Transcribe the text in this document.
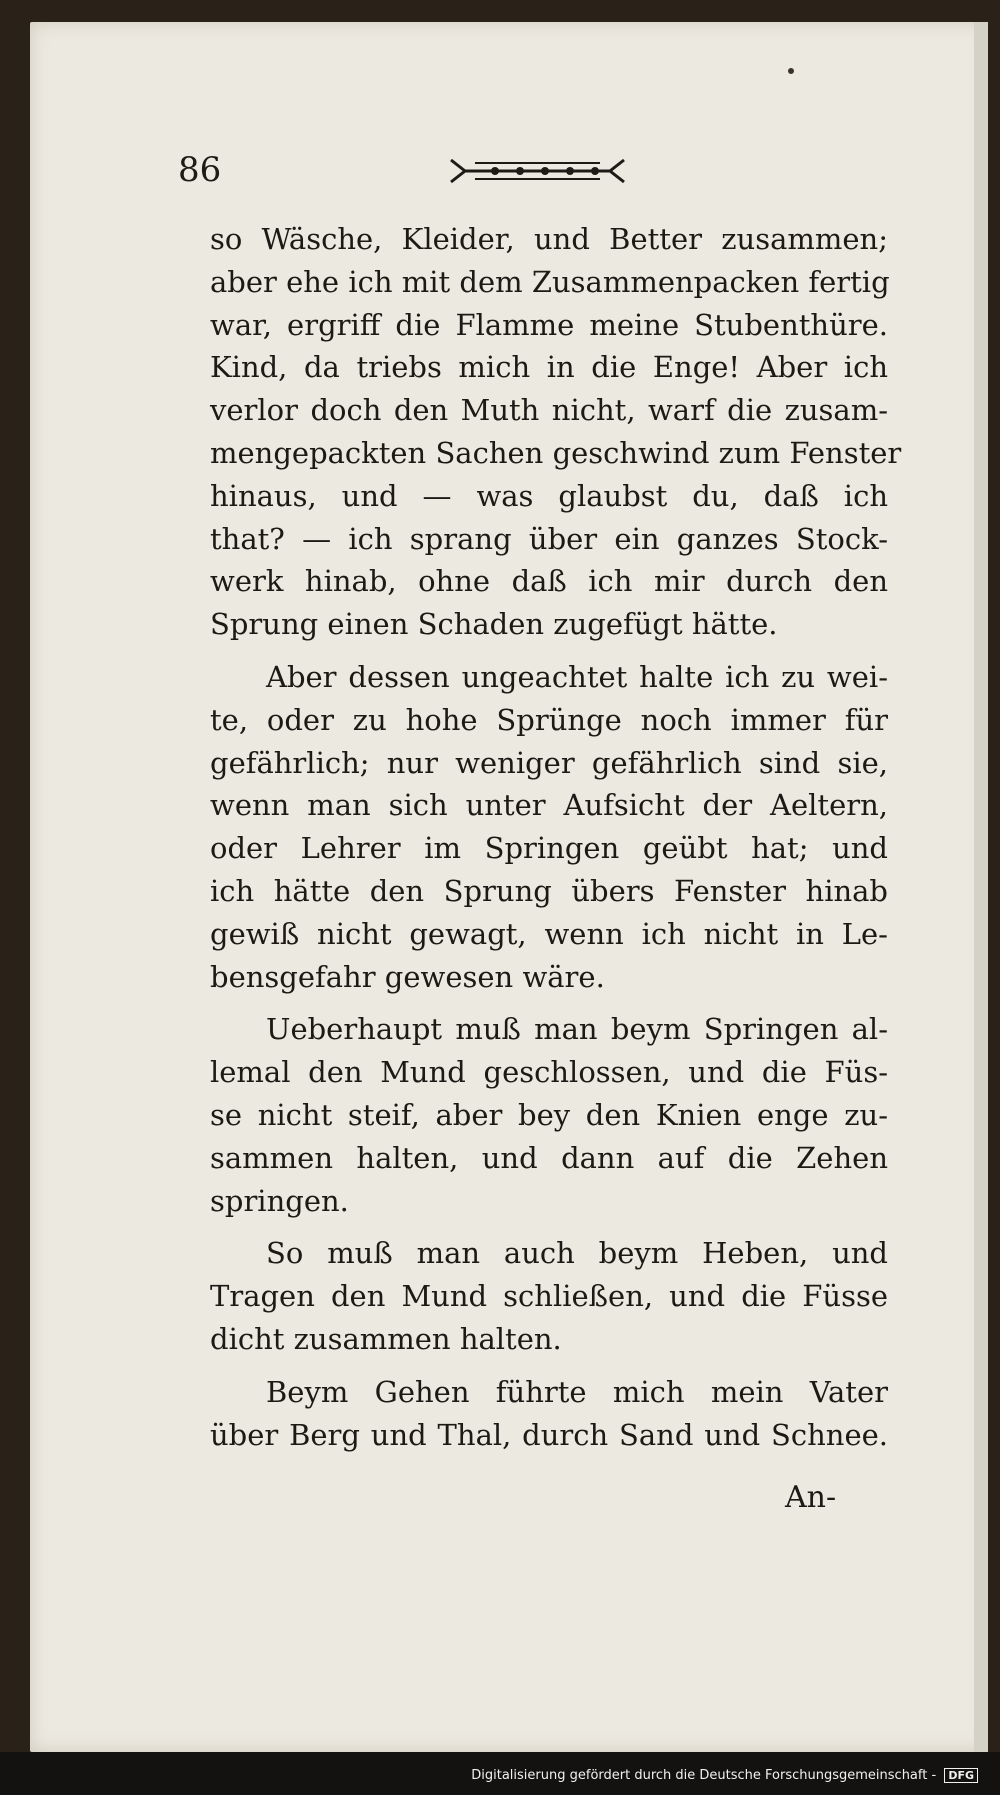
86

so Wäsche, Kleider, und Better zusammen;
aber ehe ich mit dem Zusammenpacken fertig
war, ergriff die Flamme meine Stubenthüre.
Kind, da triebs mich in die Enge! Aber ich
verlor doch den Muth nicht, warf die zusam-
mengepackten Sachen geschwind zum Fenster
hinaus, und — was glaubst du, daß ich
that? — ich sprang über ein ganzes Stock-
werk hinab, ohne daß ich mir durch den
Sprung einen Schaden zugefügt hätte.

Aber dessen ungeachtet halte ich zu wei-
te, oder zu hohe Sprünge noch immer für
gefährlich; nur weniger gefährlich sind sie,
wenn man sich unter Aufsicht der Aeltern,
oder Lehrer im Springen geübt hat; und
ich hätte den Sprung übers Fenster hinab
gewiß nicht gewagt, wenn ich nicht in Le-
bensgefahr gewesen wäre.

Ueberhaupt muß man beym Springen al-
lemal den Mund geschlossen, und die Füs-
se nicht steif, aber bey den Knien enge zu-
sammen halten, und dann auf die Zehen
springen.

So muß man auch beym Heben, und
Tragen den Mund schließen, und die Füsse
dicht zusammen halten.

Beym Gehen führte mich mein Vater
über Berg und Thal, durch Sand und Schnee.

An-
Digitalisierung gefördert durch die Deutsche Forschungsgemeinschaft - DFG
